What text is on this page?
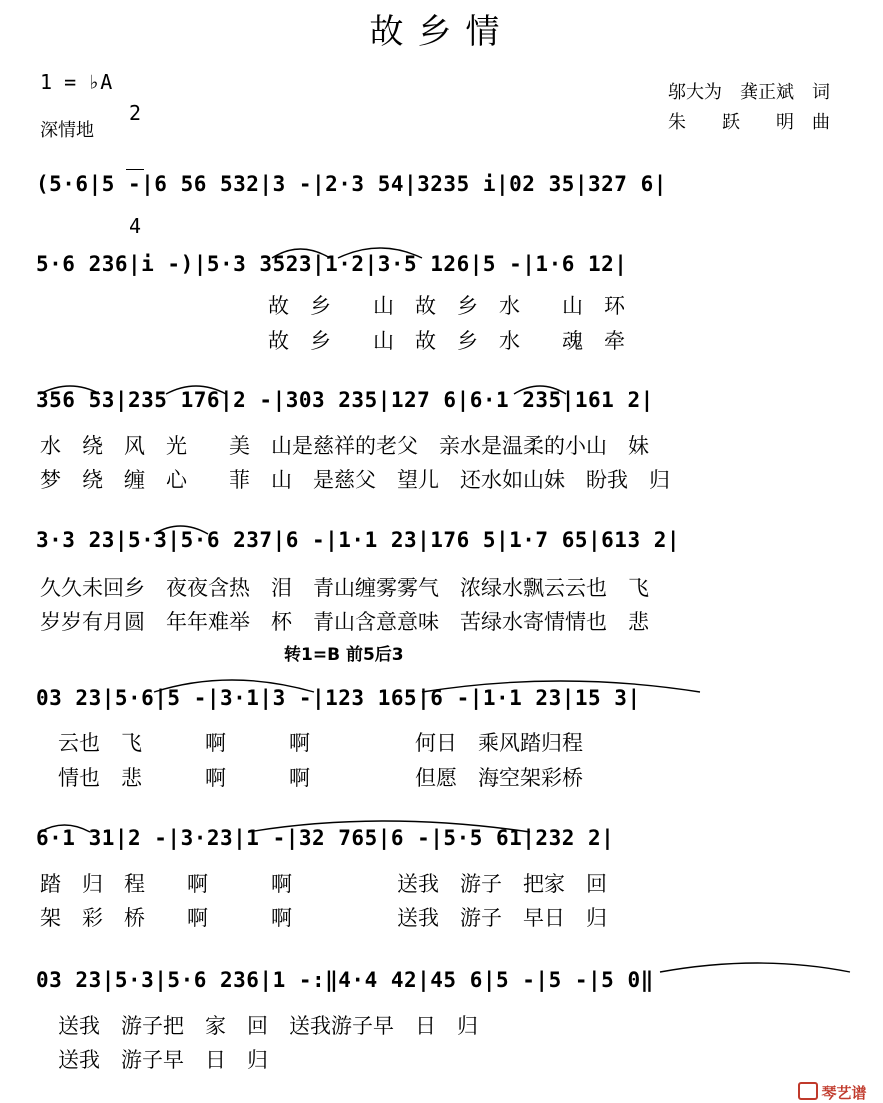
故乡情
1 = ♭A

2

4

深情地
邬大为　龚正斌　词
朱　　跃　　明　曲
(5·6|5 -|6 56 532|3 -|2·3 54|3235 i|02 35|327 6|
5·6 236|i -)|5·3 3523|1·2|3·5 126|5 -|1·6 12|
故　乡　　山　故　乡　水　　山　环
故　乡　　山　故　乡　水　　魂　牵
356 53|235 176|2 -|303 235|127 6|6·1 235|161 2|
水　绕　风　光　　美　山是慈祥的老父　亲水是温柔的小山　妹
梦　绕　缠　心　　菲　山　是慈父　望儿　还水如山妹　盼我　归
3·3 23|5·3|5·6 237|6 -|1·1 23|176 5|1·7 65|613 2|
久久未回乡　夜夜含热　泪　青山缠雾雾气　浓绿水飘云云也　飞
岁岁有月圆　年年难举　杯　青山含意意味　苦绿水寄情情也　悲
转1=B 前5后3
03 23|5·6|5 -|3·1|3 -|123 165|6 -|1·1 23|15 3|
云也　飞　　　啊　　　啊　　　　　何日　乘风踏归程
情也　悲　　　啊　　　啊　　　　　但愿　海空架彩桥
6·1 31|2 -|3·23|1 -|32 765|6 -|5·5 61|232 2|
踏　归　程　　啊　　　啊　　　　　送我　游子　把家　回
架　彩　桥　　啊　　　啊　　　　　送我　游子　早日　归
03 23|5·3|5·6 236|1 -:‖4·4 42|45 6|5 -|5 -|5 0‖
送我　游子把　家　回　送我游子早　日　归
送我　游子早　日　归

琴艺谱
